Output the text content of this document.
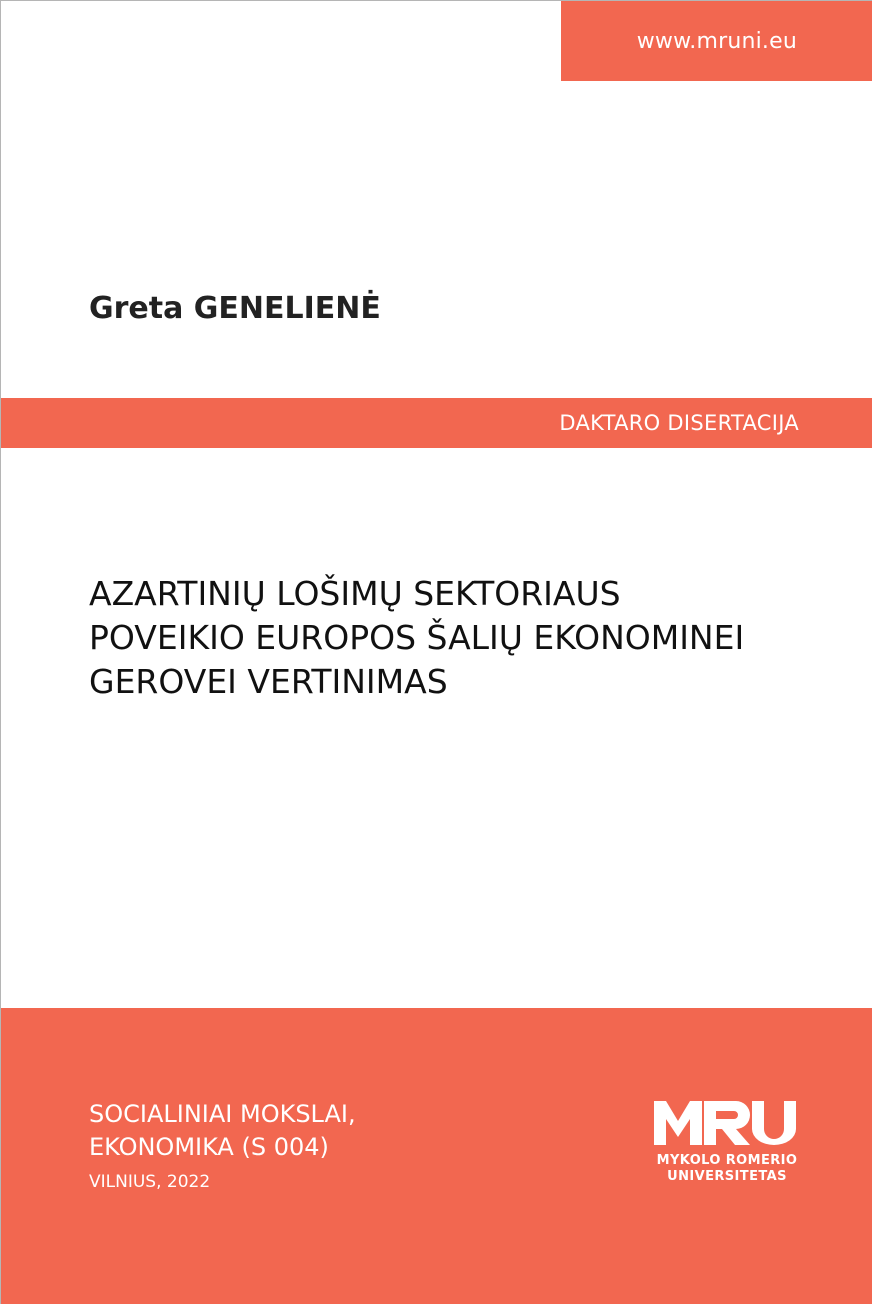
www.mruni.eu
Greta GENELIENĖ
DAKTARO DISERTACIJA
AZARTINIŲ LOŠIMŲ SEKTORIAUS
POVEIKIO EUROPOS ŠALIŲ EKONOMINEI
GEROVEI VERTINIMAS
SOCIALINIAI MOKSLAI,
EKONOMIKA (S 004)
VILNIUS, 2022
MYKOLO ROMERIO
UNIVERSITETAS
